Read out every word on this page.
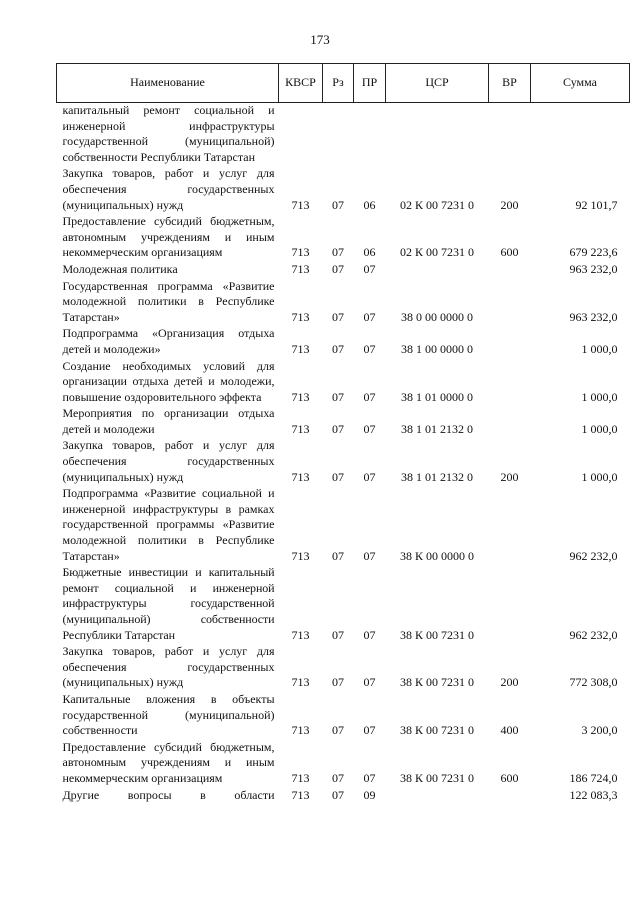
173
Наименование	КВСР	Рз	ПР	ЦСР	ВР	Сумма
капитальный ремонт социальной и инженерной инфраструктуры государственной (муниципальной) собственности Республики Татарстан						
Закупка товаров, работ и услуг для обеспечения государственных (муниципальных) нужд	713	07	06	02 К 00 7231 0	200	92 101,7
Предоставление субсидий бюджетным, автономным учреждениям и иным некоммерческим организациям	713	07	06	02 К 00 7231 0	600	679 223,6
Молодежная политика	713	07	07			963 232,0
Государственная программа «Развитие молодежной политики в Республике Татарстан»	713	07	07	38 0 00 0000 0		963 232,0
Подпрограмма «Организация отдыха детей и молодежи»	713	07	07	38 1 00 0000 0		1 000,0
Создание необходимых условий для организации отдыха детей и молодежи, повышение оздоровительного эффекта	713	07	07	38 1 01 0000 0		1 000,0
Мероприятия по организации отдыха детей и молодежи	713	07	07	38 1 01 2132 0		1 000,0
Закупка товаров, работ и услуг для обеспечения государственных (муниципальных) нужд	713	07	07	38 1 01 2132 0	200	1 000,0
Подпрограмма «Развитие социальной и инженерной инфраструктуры в рамках государственной программы «Развитие молодежной политики в Республике Татарстан»	713	07	07	38 К 00 0000 0		962 232,0
Бюджетные инвестиции и капитальный ремонт социальной и инженерной инфраструктуры государственной (муниципальной) собственности Республики Татарстан	713	07	07	38 К 00 7231 0		962 232,0
Закупка товаров, работ и услуг для обеспечения государственных (муниципальных) нужд	713	07	07	38 К 00 7231 0	200	772 308,0
Капитальные вложения в объекты государственной (муниципальной) собственности	713	07	07	38 К 00 7231 0	400	3 200,0
Предоставление субсидий бюджетным, автономным учреждениям и иным некоммерческим организациям	713	07	07	38 К 00 7231 0	600	186 724,0
Другие вопросы в области	713	07	09			122 083,3
